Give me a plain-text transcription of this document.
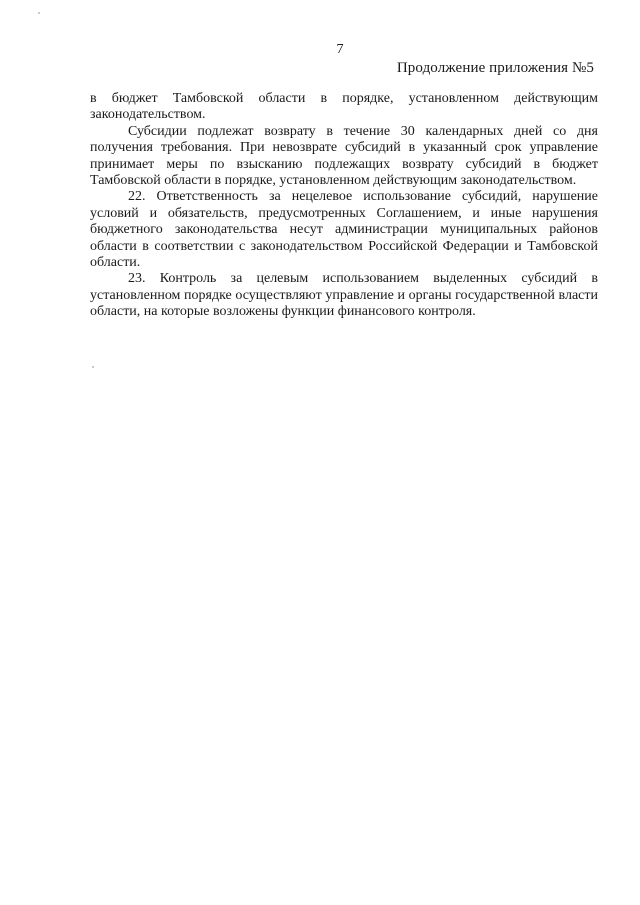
7
Продолжение приложения №5

в бюджет Тамбовской области в порядке, установленном действующим законодательством.

Субсидии подлежат возврату в течение 30 календарных дней со дня получения требования. При невозврате субсидий в указанный срок управление принимает меры по взысканию подлежащих возврату субсидий в бюджет Тамбовской области в порядке, установленном действующим законодательством.

22. Ответственность за нецелевое использование субсидий, нарушение условий и обязательств, предусмотренных Соглашением, и иные нарушения бюджетного законодательства несут администрации муниципальных районов области в соответствии с законодательством Российской Федерации и Тамбовской области.

23. Контроль за целевым использованием выделенных субсидий в установленном порядке осуществляют управление и органы государственной власти области, на которые возложены функции финансового контроля.
